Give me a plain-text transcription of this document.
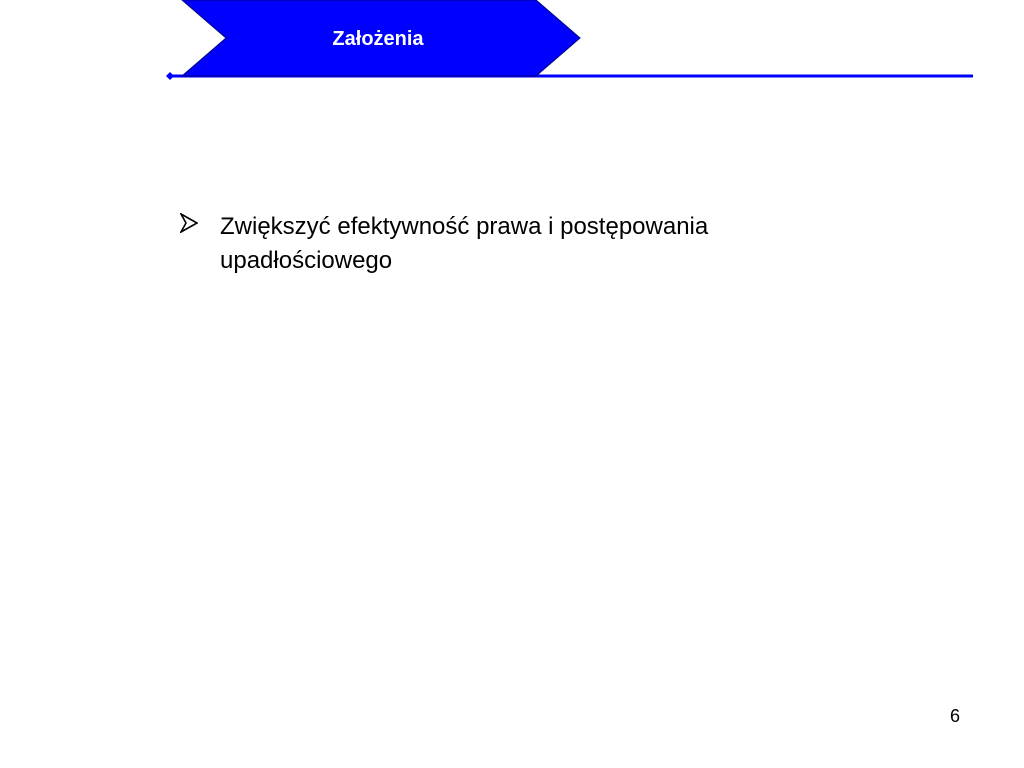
Założenia
Zwiększyć efektywność prawa i postępowania upadłościowego
6
